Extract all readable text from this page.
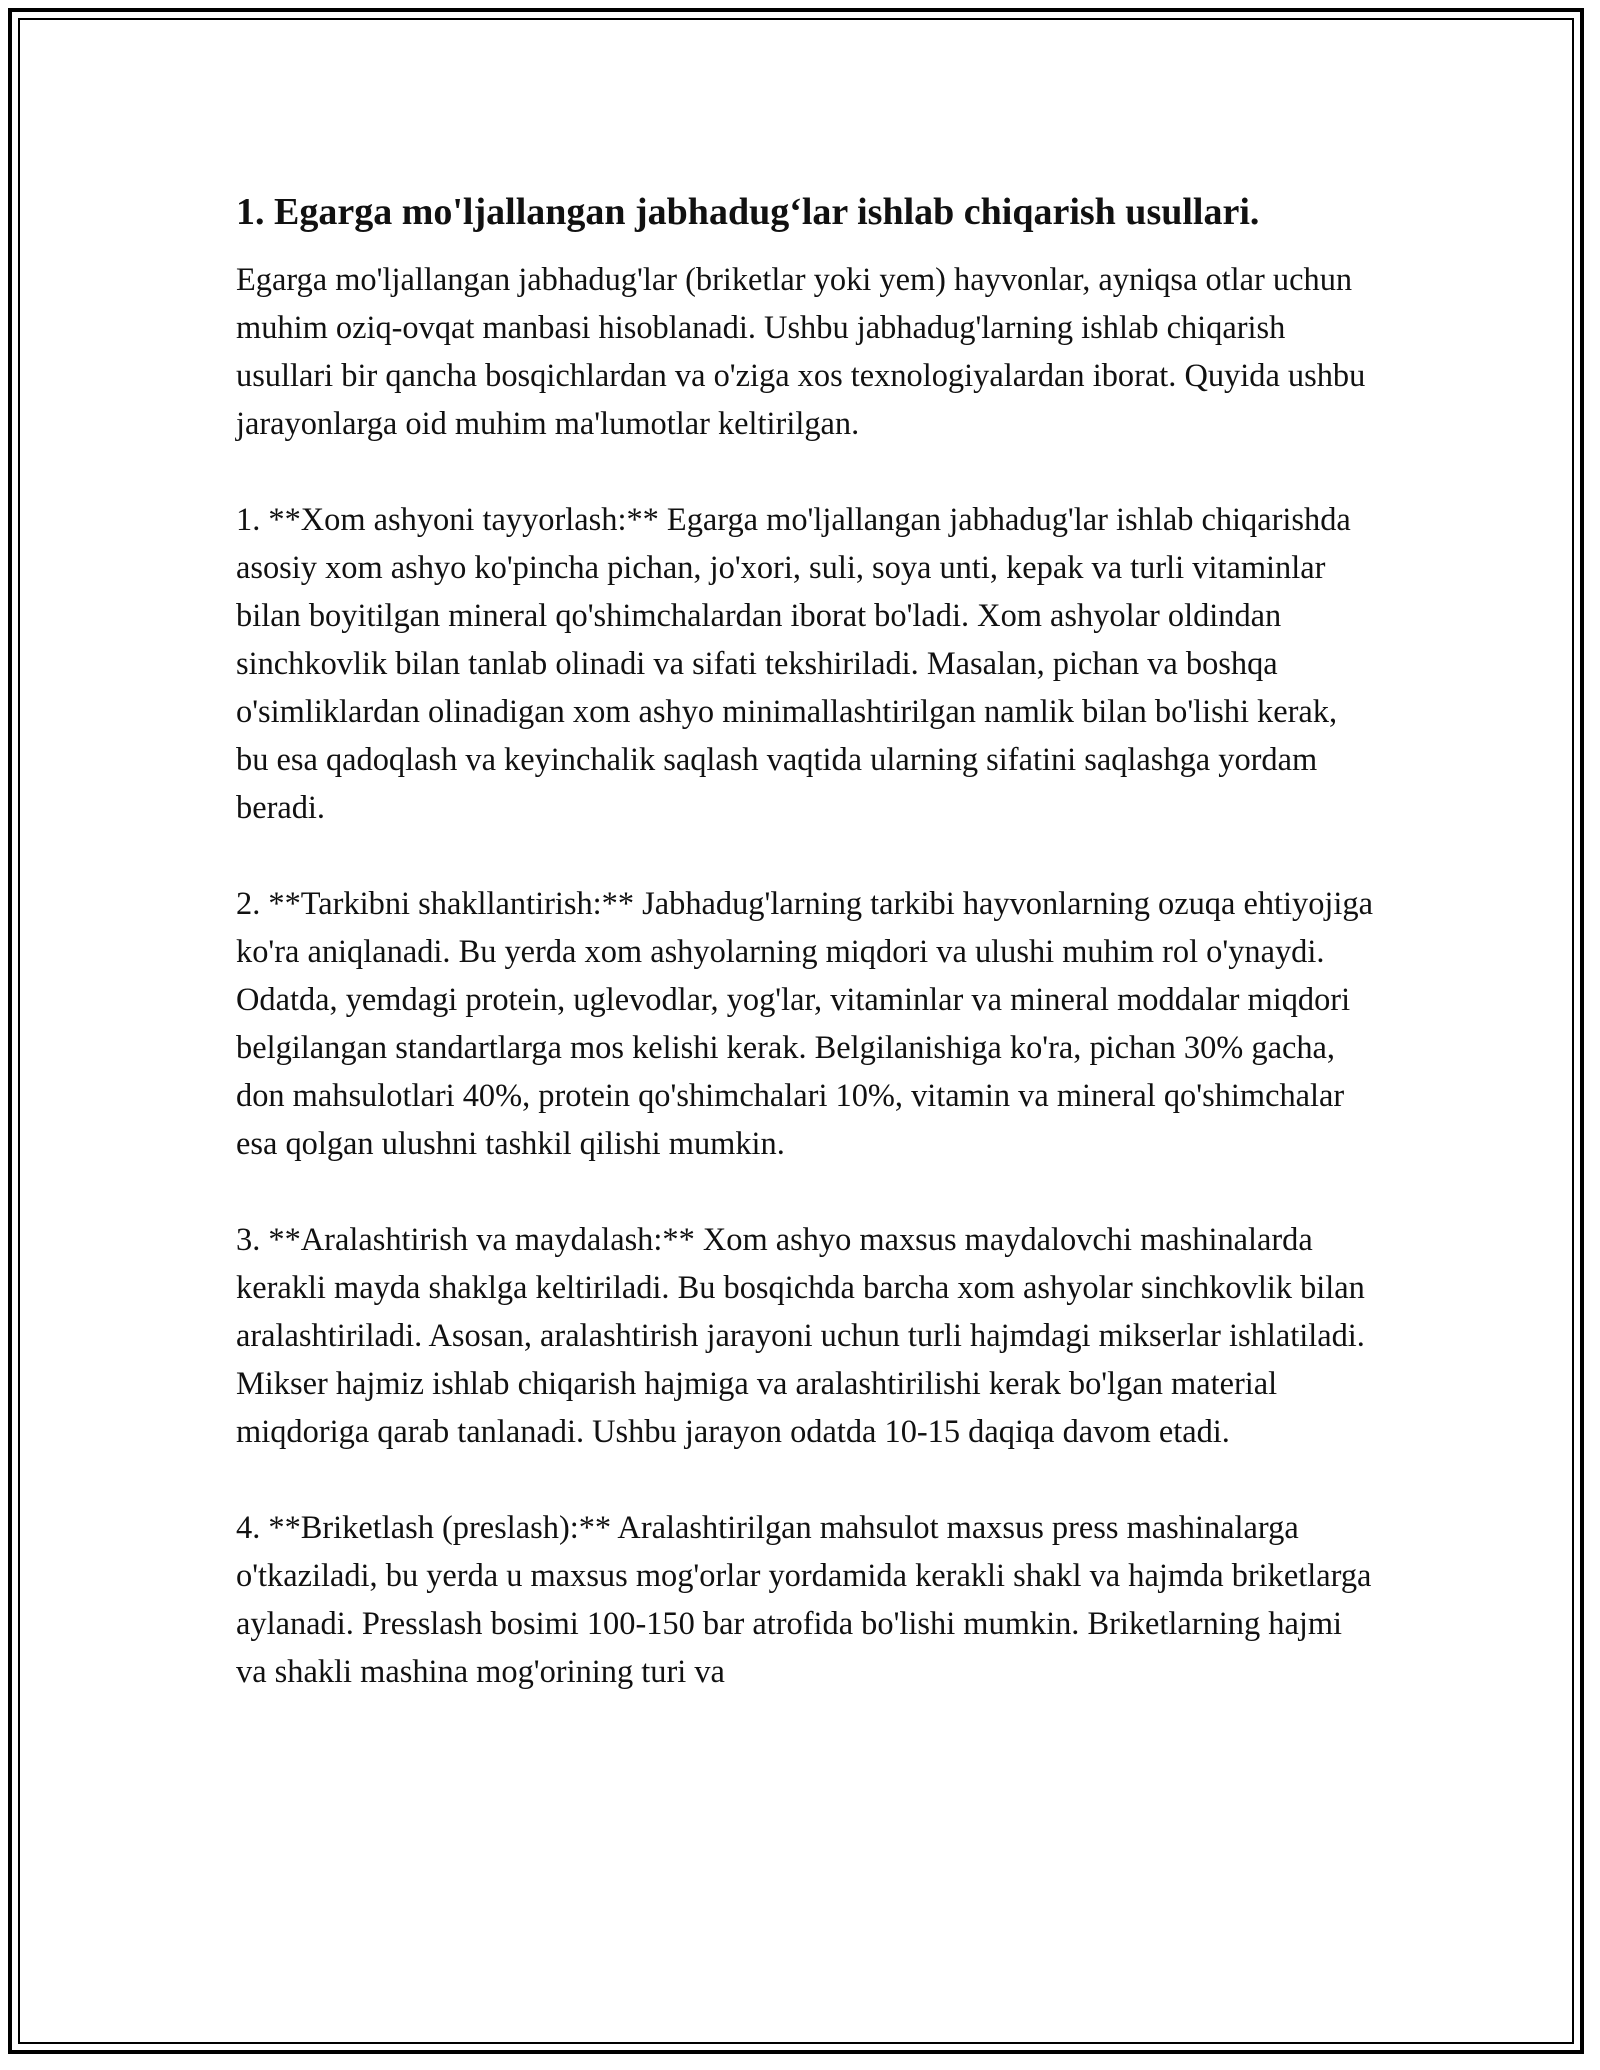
1. Egarga mo'ljallangan jabhadug‘lar ishlab chiqarish usullari.

Egarga mo'ljallangan jabhadug'lar (briketlar yoki yem) hayvonlar, ayniqsa otlar uchun muhim oziq-ovqat manbasi hisoblanadi. Ushbu jabhadug'larning ishlab chiqarish usullari bir qancha bosqichlardan va o'ziga xos texnologiyalardan iborat. Quyida ushbu jarayonlarga oid muhim ma'lumotlar keltirilgan.

1. **Xom ashyoni tayyorlash:** Egarga mo'ljallangan jabhadug'lar ishlab chiqarishda asosiy xom ashyo ko'pincha pichan, jo'xori, suli, soya unti, kepak va turli vitaminlar bilan boyitilgan mineral qo'shimchalardan iborat bo'ladi. Xom ashyolar oldindan sinchkovlik bilan tanlab olinadi va sifati tekshiriladi. Masalan, pichan va boshqa o'simliklardan olinadigan xom ashyo minimallashtirilgan namlik bilan bo'lishi kerak, bu esa qadoqlash va keyinchalik saqlash vaqtida ularning sifatini saqlashga yordam beradi.

2. **Tarkibni shakllantirish:** Jabhadug'larning tarkibi hayvonlarning ozuqa ehtiyojiga ko'ra aniqlanadi. Bu yerda xom ashyolarning miqdori va ulushi muhim rol o'ynaydi. Odatda, yemdagi protein, uglevodlar, yog'lar, vitaminlar va mineral moddalar miqdori belgilangan standartlarga mos kelishi kerak. Belgilanishiga ko'ra, pichan 30% gacha, don mahsulotlari 40%, protein qo'shimchalari 10%, vitamin va mineral qo'shimchalar esa qolgan ulushni tashkil qilishi mumkin.

3. **Aralashtirish va maydalash:** Xom ashyo maxsus maydalovchi mashinalarda kerakli mayda shaklga keltiriladi. Bu bosqichda barcha xom ashyolar sinchkovlik bilan aralashtiriladi. Asosan, aralashtirish jarayoni uchun turli hajmdagi mikserlar ishlatiladi. Mikser hajmiz ishlab chiqarish hajmiga va aralashtirilishi kerak bo'lgan material miqdoriga qarab tanlanadi. Ushbu jarayon odatda 10-15 daqiqa davom etadi.

4. **Briketlash (preslash):** Aralashtirilgan mahsulot maxsus press mashinalarga o'tkaziladi, bu yerda u maxsus mog'orlar yordamida kerakli shakl va hajmda briketlarga aylanadi. Presslash bosimi 100-150 bar atrofida bo'lishi mumkin. Briketlarning hajmi va shakli mashina mog'orining turi va
